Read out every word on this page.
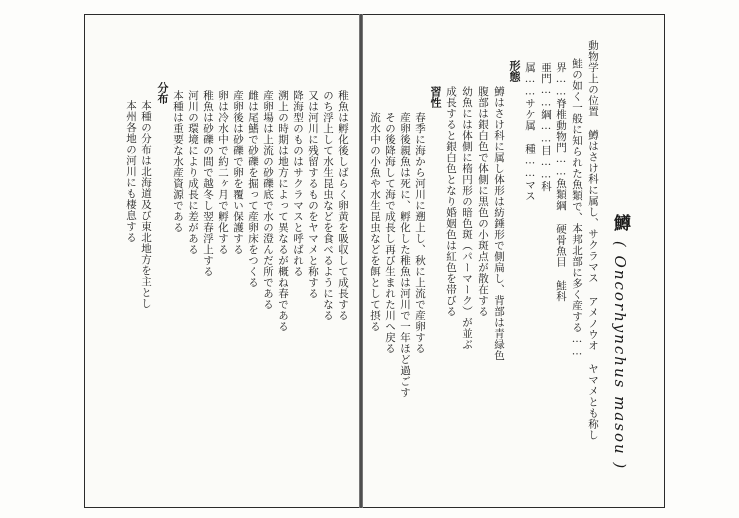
鱒 ( Oncorhynchus masou )
動物学上の位置 鱒はさけ科に属し、サクラマス アメノウオ ヤマメとも称し
鮭の如く一般に知られた魚類で、本邦北部に多く産する……
界……脊椎動物門……魚類綱 硬骨魚目 鮭科
亜門……綱……目……科
属……サケ属 種……マス
形態
鱒はさけ科に属し体形は紡錘形で側扁し、背部は青緑色
腹部は銀白色で体側に黒色の小斑点が散在する
幼魚には体側に楕円形の暗色斑（パーマーク）が並ぶ
成長すると銀白色となり婚姻色は紅色を帯びる
習性
春季に海から河川に遡上し、秋に上流で産卵する
産卵後親魚は死に、孵化した稚魚は河川で一年ほど過ごす
その後降海して海で成長し再び生まれた川へ戻る
流水中の小魚や水生昆虫などを餌として摂る
稚魚は孵化後しばらく卵黄を吸収して成長する
のち浮上して水生昆虫などを食べるようになる
又は河川に残留するものをヤマメと称する
降海型のものはサクラマスと呼ばれる
溯上の時期は地方によって異なるが概ね春である
産卵場は上流の砂礫底で水の澄んだ所である
雌は尾鰭で砂礫を掘って産卵床をつくる
産卵後は砂礫で卵を覆い保護する
卵は冷水中で約二ヶ月で孵化する
稚魚は砂礫の間で越冬し翌春浮上する
河川の環境により成長に差がある
本種は重要な水産資源である
分布
本種の分布は北海道及び東北地方を主とし
本州各地の河川にも棲息する
